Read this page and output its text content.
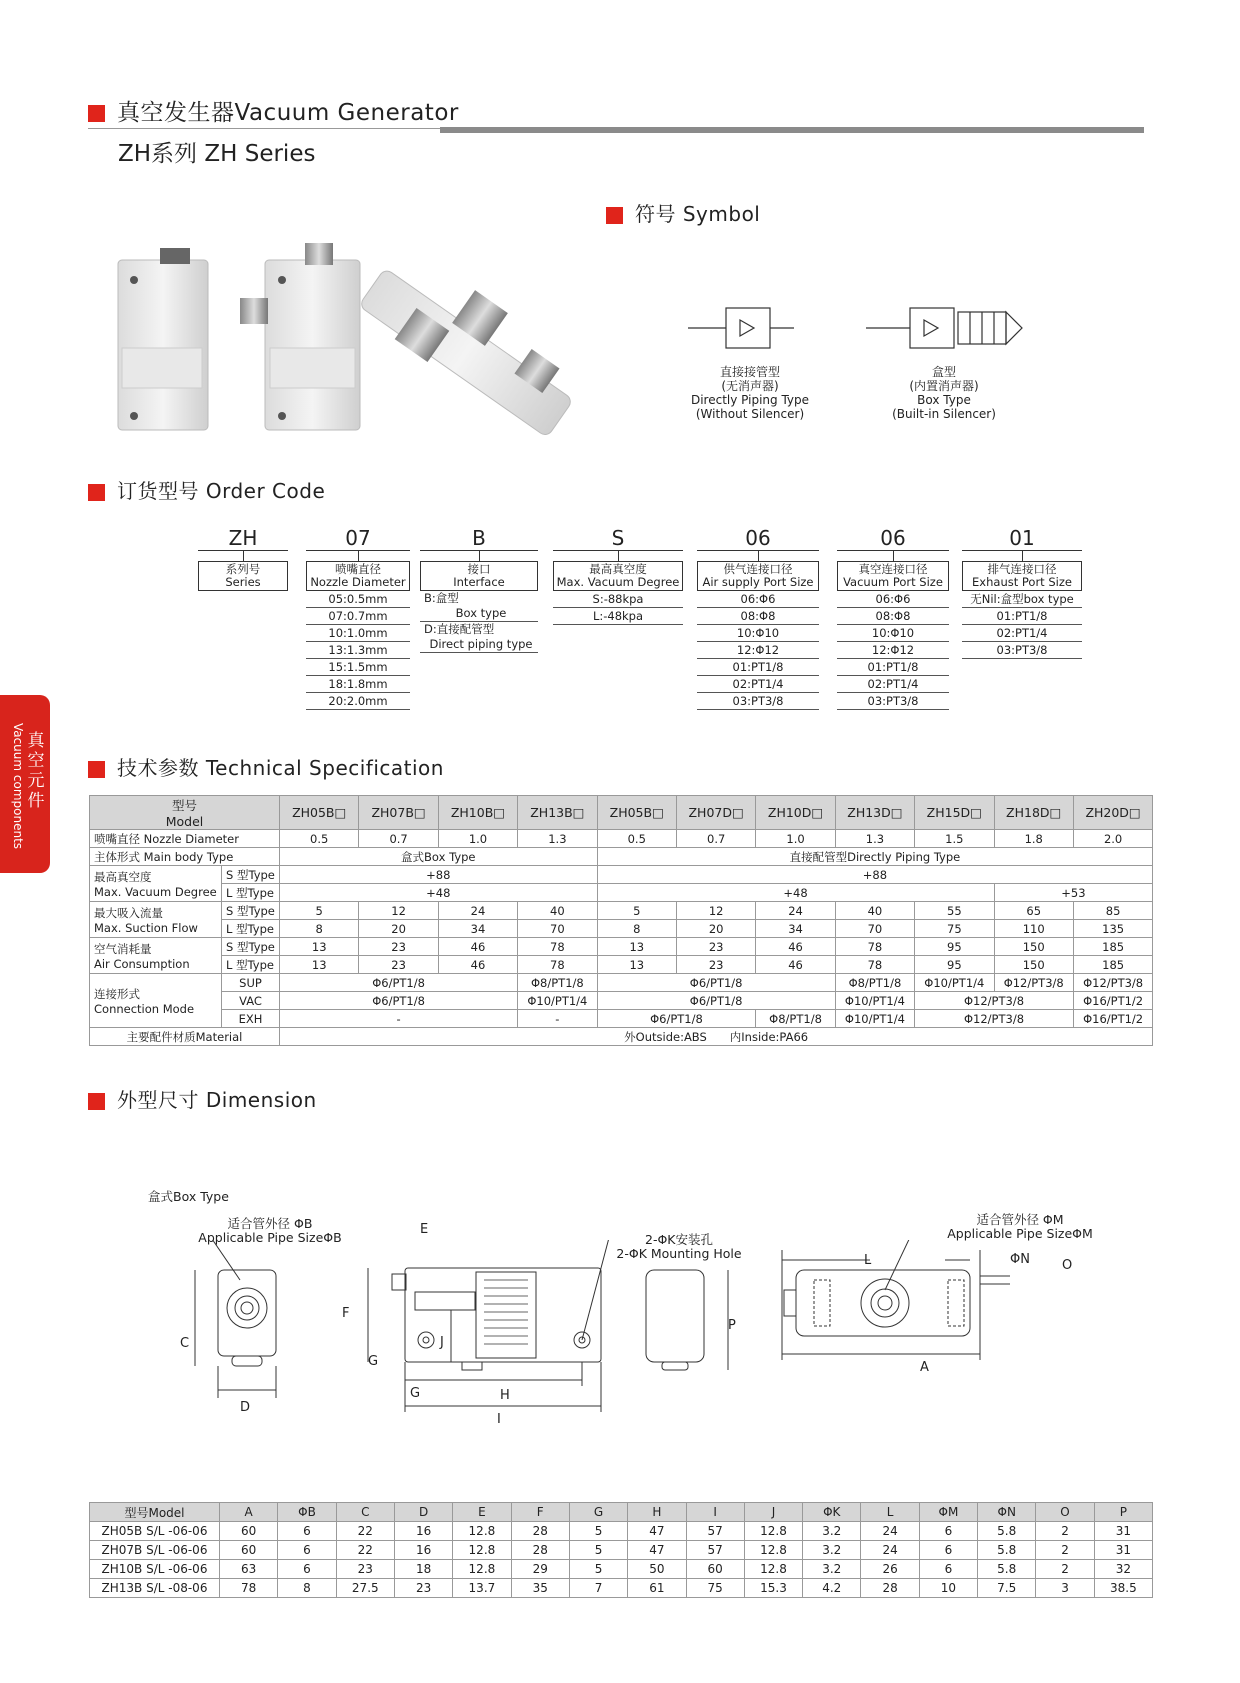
真空发生器Vacuum Generator
ZH系列 ZH Series
符号 Symbol
直接接管型
(无消声器)
Directly Piping Type
(Without Silencer)
盒型
(内置消声器)
Box Type
(Built-in Silencer)
订货型号 Order Code
ZH
系列号
Series
07
喷嘴直径
Nozzle Diameter
05:0.5mm
07:0.7mm
10:1.0mm
13:1.3mm
15:1.5mm
18:1.8mm
20:2.0mm
B
接口
Interface
B:盒型
Box type
D:直接配管型
Direct piping type
S
最高真空度
Max. Vacuum Degree
S:-88kpa
L:-48kpa
06
供气连接口径
Air supply Port Size
06:Φ6
08:Φ8
10:Φ10
12:Φ12
01:PT1/8
02:PT1/4
03:PT3/8
06
真空连接口径
Vacuum Port Size
06:Φ6
08:Φ8
10:Φ10
12:Φ12
01:PT1/8
02:PT1/4
03:PT3/8
01
排气连接口径
Exhaust Port Size
无Nil:盒型box type
01:PT1/8
02:PT1/4
03:PT3/8
真空元件
Vacuum components	技术参数 Technical Specification
型号
Model		ZH05B□	ZH07B□	ZH10B□	ZH13B□	ZH05B□	ZH07D□	ZH10D□	ZH13D□	ZH15D□	ZH18D□	ZH20D□
喷嘴直径 Nozzle Diameter		0.5	0.7	1.0	1.3	0.5	0.7	1.0	1.3	1.5	1.8	2.0
主体形式 Main body Type		盒式Box Type				直接配管型Directly Piping Type						

最高真空度
Max. Vacuum Degree	S 型Type	+88				+88						
	L 型Type	+48				+48					+53	

最大吸入流量
Max. Suction Flow	S 型Type	5	12	24	40	5	12	24	40	55	65	85
	L 型Type	8	20	34	70	8	20	34	70	75	110	135

空气消耗量
Air Consumption	S 型Type	13	23	46	78	13	23	46	78	95	150	185
	L 型Type	13	23	46	78	13	23	46	78	95	150	185

连接形式
Connection Mode	SUP	Φ6/PT1/8			Φ8/PT1/8	Φ6/PT1/8			Φ8/PT1/8	Φ10/PT1/4	Φ12/PT3/8	Φ12/PT3/8
	VAC	Φ6/PT1/8			Φ10/PT1/4	Φ6/PT1/8			Φ10/PT1/4	Φ12/PT3/8		Φ16/PT1/2
	EXH	-			-	Φ6/PT1/8		Φ8/PT1/8	Φ10/PT1/4	Φ12/PT3/8		Φ16/PT1/2
主要配件材质Material		外Outside:ABS　　内Inside:PA66										
外型尺寸 Dimension
盒式Box Type
适合管外径 ΦB
Applicable Pipe SizeΦB	2-ΦK安装孔
2-ΦK Mounting Hole
适合管外径 ΦM
Applicable Pipe SizeΦM
C
D
E
F
G
G	H
I
J
P
L	ΦN O
A
型号Model	A	ΦB	C	D	E	F	G	H	I	J	ΦK	L	ΦM	ΦN	O	P
ZH05B S/L -06-06	60	6	22	16	12.8	28	5	47	57	12.8	3.2	24	6	5.8	2	31
ZH07B S/L -06-06	60	6	22	16	12.8	28	5	47	57	12.8	3.2	24	6	5.8	2	31
ZH10B S/L -06-06	63	6	23	18	12.8	29	5	50	60	12.8	3.2	26	6	5.8	2	32
ZH13B S/L -08-06	78	8	27.5	23	13.7	35	7	61	75	15.3	4.2	28	10	7.5	3	38.5
